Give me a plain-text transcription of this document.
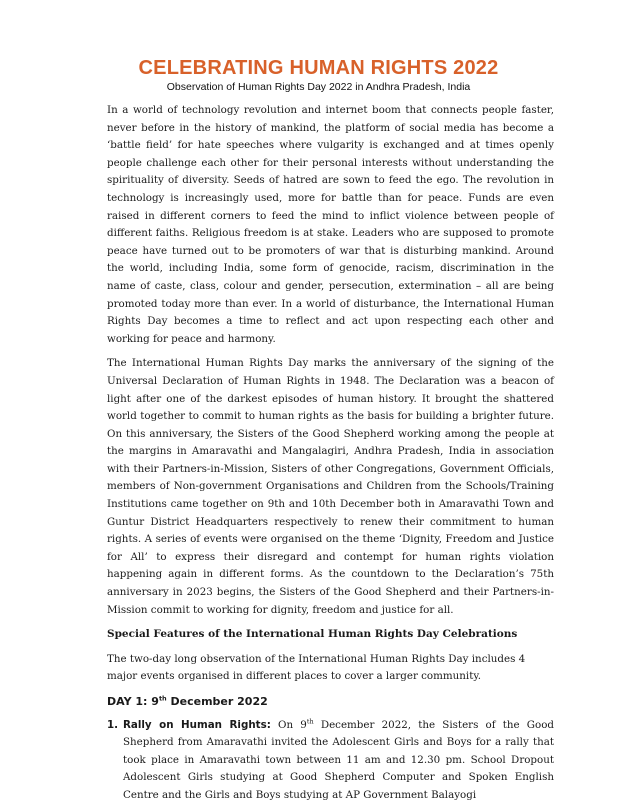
CELEBRATING HUMAN RIGHTS 2022
Observation of Human Rights Day 2022 in Andhra Pradesh, India

In a world of technology revolution and internet boom that connects people faster, never before in the history of mankind, the platform of social media has become a ‘battle field’ for hate speeches where vulgarity is exchanged and at times openly people challenge each other for their personal interests without understanding the spirituality of diversity. Seeds of hatred are sown to feed the ego. The revolution in technology is increasingly used, more for battle than for peace. Funds are even raised in different corners to feed the mind to inflict violence between people of different faiths. Religious freedom is at stake. Leaders who are supposed to promote peace have turned out to be promoters of war that is disturbing mankind. Around the world, including India, some form of genocide, racism, discrimination in the name of caste, class, colour and gender, persecution, extermination – all are being promoted today more than ever. In a world of disturbance, the International Human Rights Day becomes a time to reflect and act upon respecting each other and working for peace and harmony.

The International Human Rights Day marks the anniversary of the signing of the Universal Declaration of Human Rights in 1948. The Declaration was a beacon of light after one of the darkest episodes of human history. It brought the shattered world together to commit to human rights as the basis for building a brighter future. On this anniversary, the Sisters of the Good Shepherd working among the people at the margins in Amaravathi and Mangalagiri, Andhra Pradesh, India in association with their Partners-in-Mission, Sisters of other Congregations, Government Officials, members of Non-government Organisations and Children from the Schools/Training Institutions came together on 9th and 10th December both in Amaravathi Town and Guntur District Headquarters respectively to renew their commitment to human rights. A series of events were organised on the theme ‘Dignity, Freedom and Justice for All’ to express their disregard and contempt for human rights violation happening again in different forms. As the countdown to the Declaration’s 75th anniversary in 2023 begins, the Sisters of the Good Shepherd and their Partners-in-Mission commit to working for dignity, freedom and justice for all.

Special Features of the International Human Rights Day Celebrations

The two-day long observation of the International Human Rights Day includes 4 major events organised in different places to cover a larger community.

DAY 1: 9th December 2022

1. Rally on Human Rights: On 9th December 2022, the Sisters of the Good Shepherd from Amaravathi invited the Adolescent Girls and Boys for a rally that took place in Amaravathi town between 11 am and 12.30 pm. School Dropout Adolescent Girls studying at Good Shepherd Computer and Spoken English Centre and the Girls and Boys studying at AP Government Balayogi
